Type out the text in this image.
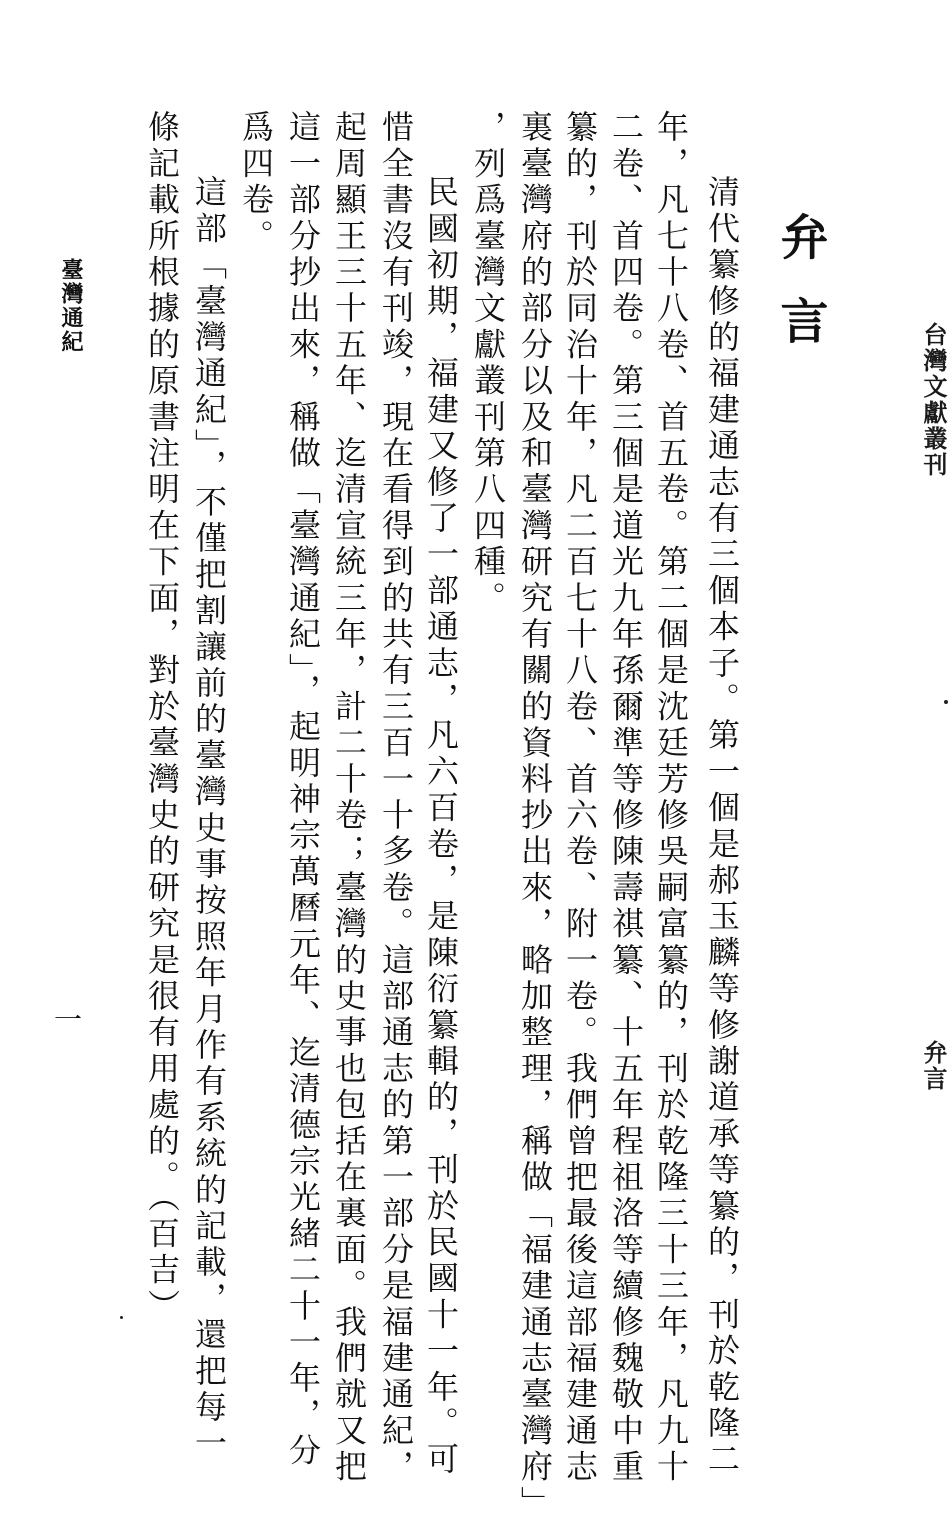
台灣文獻叢刊
弁言
弁言
清代纂修的福建通志有三個本子。第一個是郝玉麟等修謝道承等纂的，刊於乾隆二
年，凡七十八卷、首五卷。第二個是沈廷芳修吳嗣富纂的，刊於乾隆三十三年，凡九十
二卷、首四卷。第三個是道光九年孫爾準等修陳壽祺纂、十五年程祖洛等續修魏敬中重
纂的，刊於同治十年，凡二百七十八卷、首六卷、附一卷。我們曾把最後這部福建通志
裏臺灣府的部分以及和臺灣研究有關的資料抄出來，略加整理，稱做「福建通志臺灣府」
，列爲臺灣文獻叢刊第八四種。
民國初期，福建又修了一部通志，凡六百卷，是陳衍纂輯的，刊於民國十一年。可
惜全書沒有刊竣，現在看得到的共有三百一十多卷。這部通志的第一部分是福建通紀，
起周顯王三十五年、迄清宣統三年，計二十卷；臺灣的史事也包括在裏面。我們就又把
這一部分抄出來，稱做「臺灣通紀」，起明神宗萬曆元年、迄清德宗光緒二十一年，分
爲四卷。
這部「臺灣通紀」，不僅把割讓前的臺灣史事按照年月作有系統的記載，還把每一
條記載所根據的原書注明在下面，對於臺灣史的研究是很有用處的。（百吉）
臺灣通紀
一
